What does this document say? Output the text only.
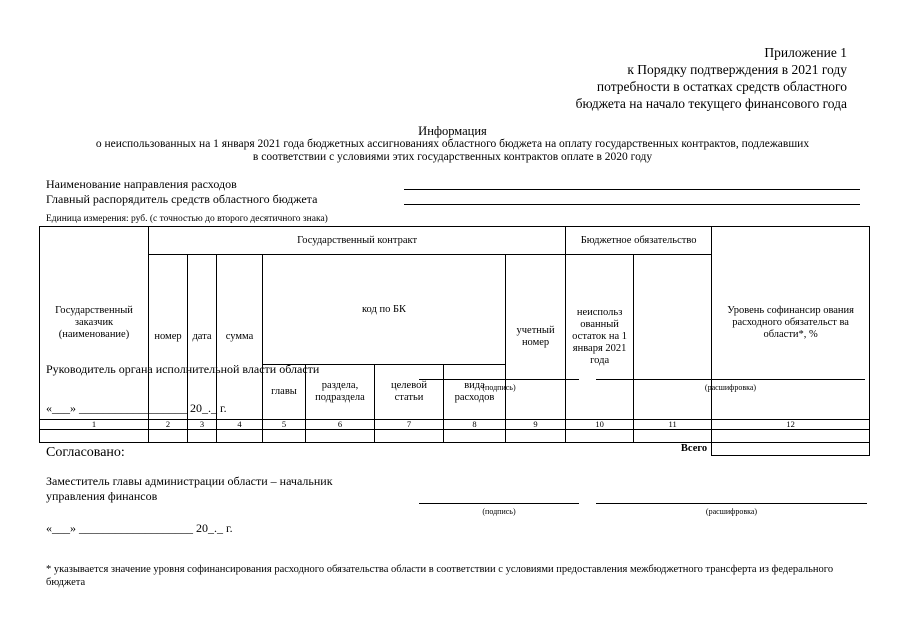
Приложение 1
к Порядку подтверждения в 2021 году
потребности в остатках средств областного
бюджета на начало текущего финансового года
Информация
о неиспользованных на 1 января 2021 года бюджетных ассигнованиях областного бюджета на оплату государственных контрактов, подлежавших
в соответствии с условиями этих государственных контрактов оплате в 2020 году
Наименование направления расходов
Главный распорядитель средств областного бюджета
Единица измерения: руб. (с точностью до второго десятичного знака)
Государственный заказчик (наименование)	Государственный контракт								Бюджетное обязательство		Уровень софинансир ования расходного обязательст ва области*, %	
	номер	дата	сумма	код по БК				учетный номер	неиспольз ованный остаток на 1 января 2021 года			
				главы	раздела, подраздела	целевой статьи	вида расходов					
1	2	3	4	5	6	7	8	9	10	11	12	

										Всего		
Руководитель органа исполнительной власти области
(подпись)	(расшифровка)
«___» __________________ 20_._ г.
Согласовано:
Заместитель главы администрации области – начальник
управления финансов
(подпись)	(расшифровка)
«___» ___________________ 20_._ г.
* указывается значение уровня софинансирования расходного обязательства области в соответствии с условиями предоставления межбюджетного трансферта из федерального бюджета
